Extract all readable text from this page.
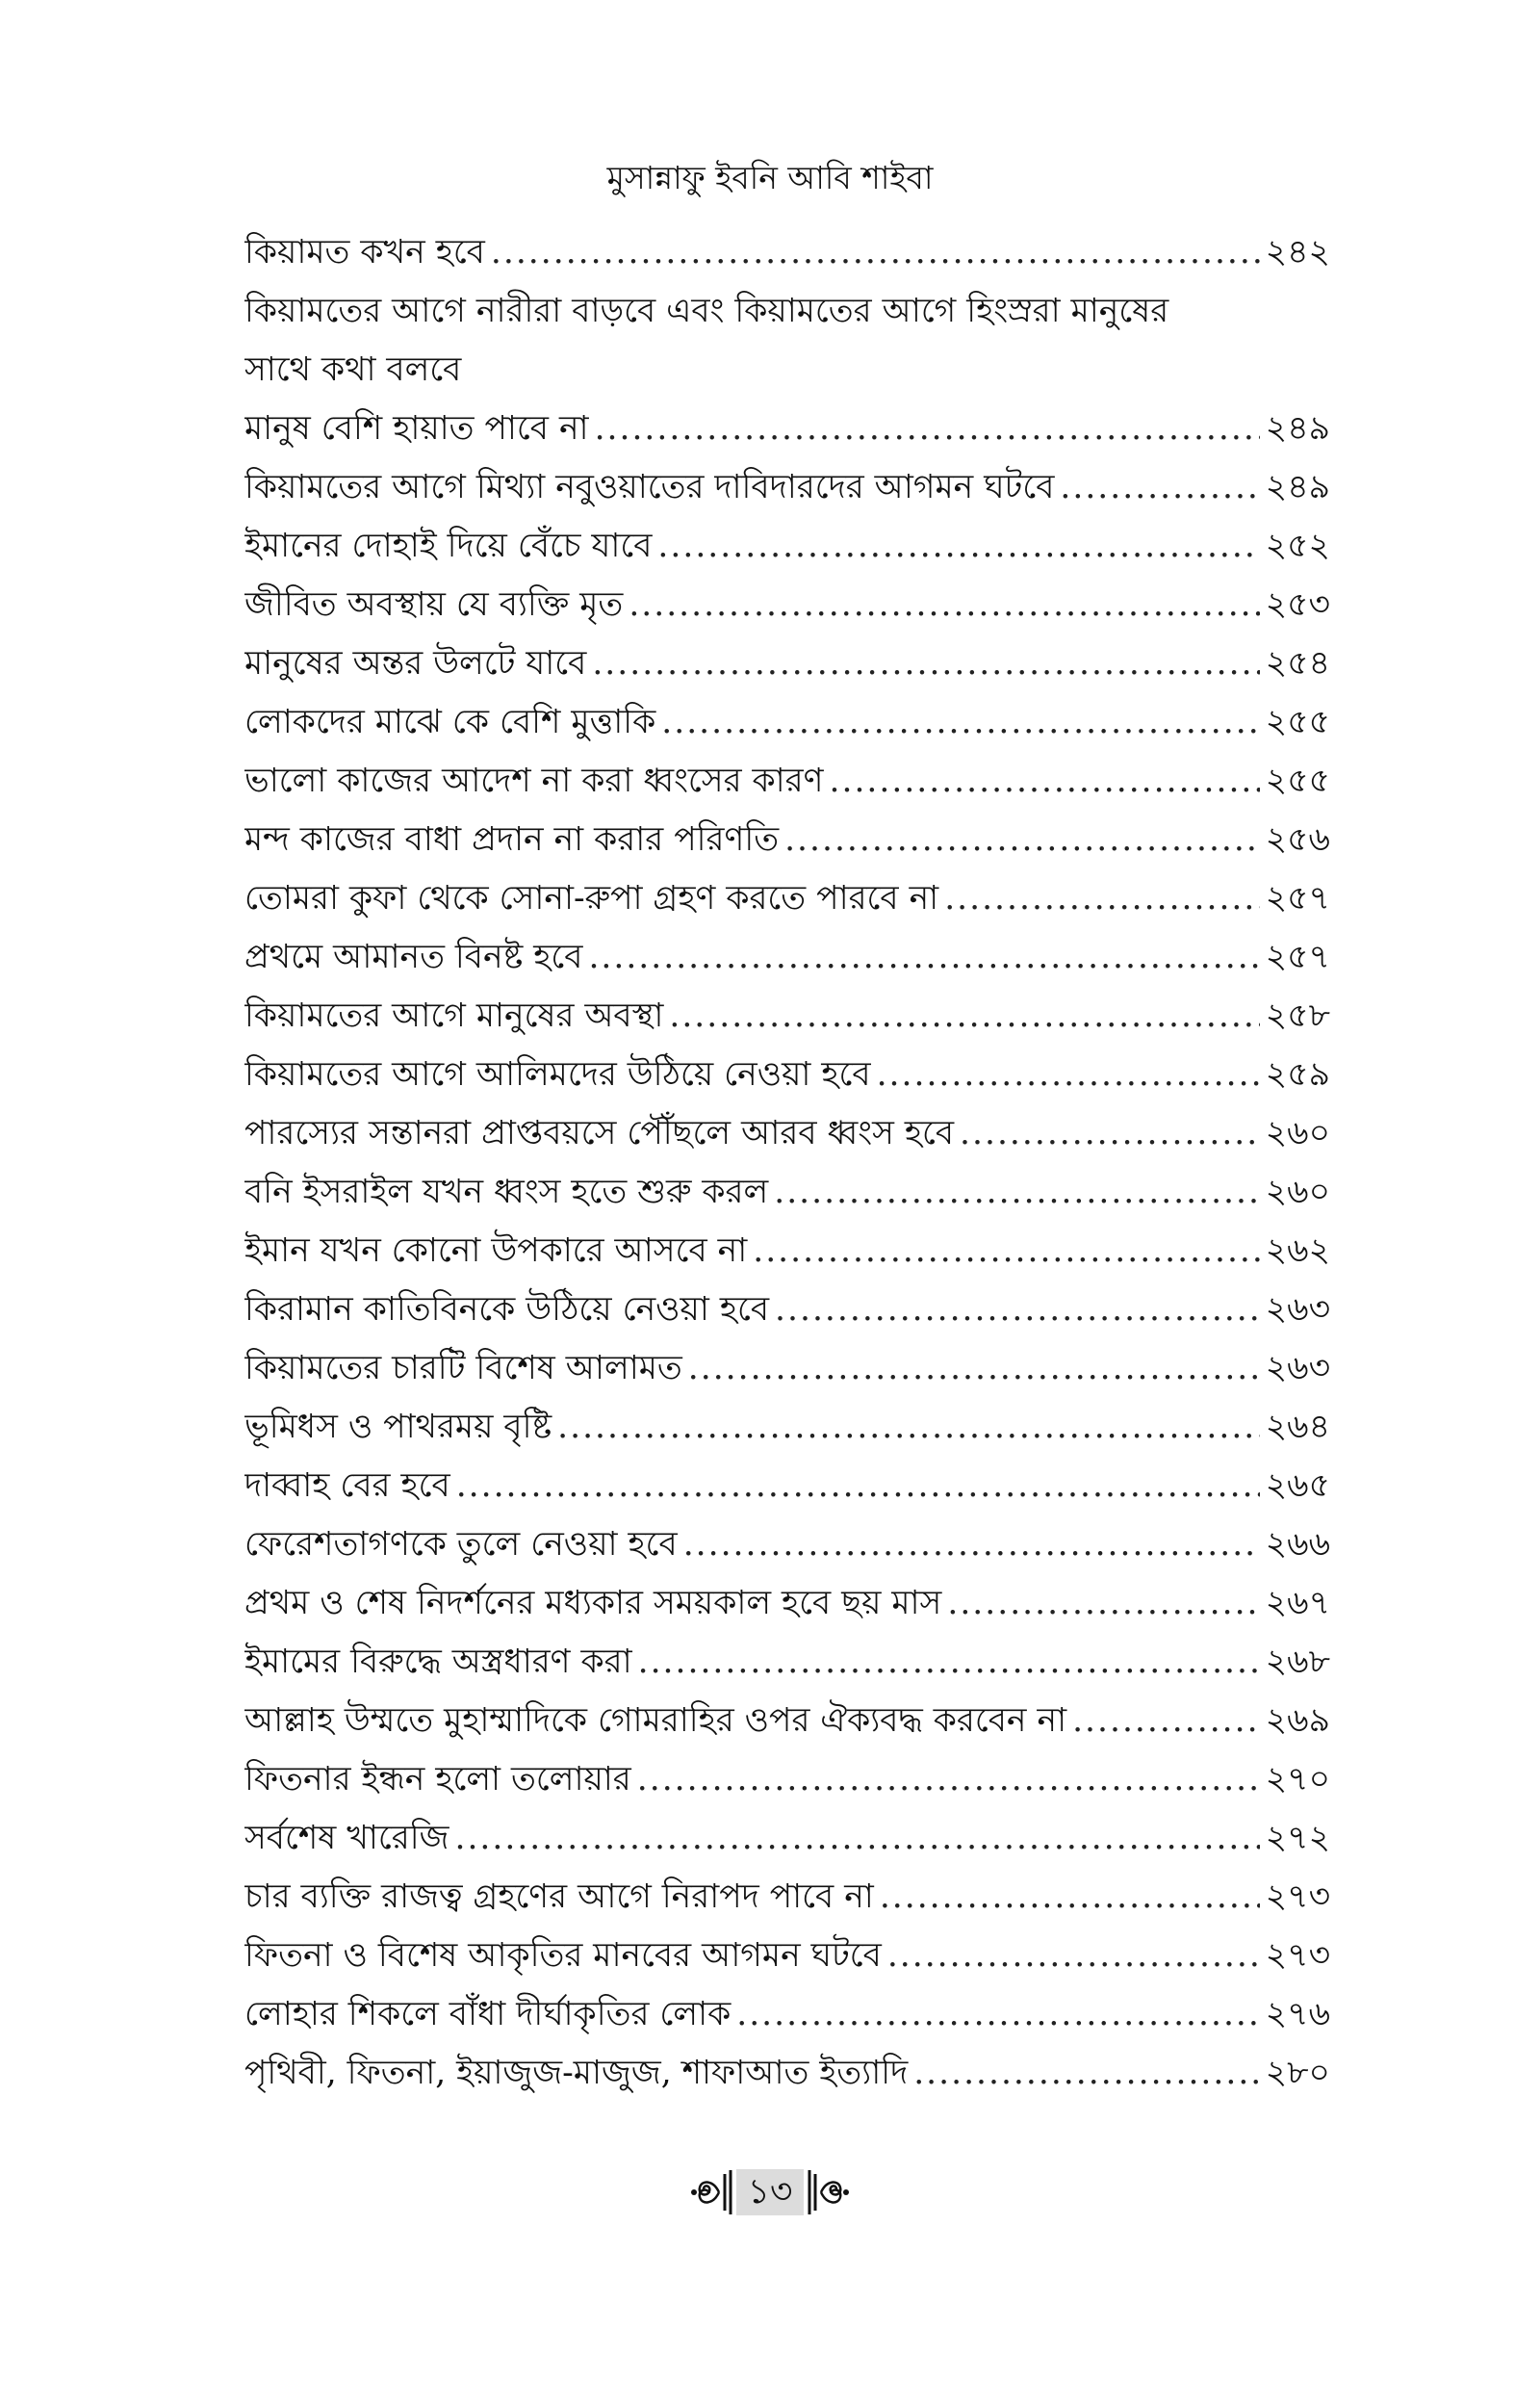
মুসান্নাফু ইবনি আবি শাইবা
কিয়ামত কখন হবে .....	২৪২
কিয়ামতের আগে নারীরা বাড়বে এবং কিয়ামতের আগে হিংস্ররা মানুষের
সাথে কথা বলবে
মানুষ বেশি হায়াত পাবে না .....	২৪৯
কিয়ামতের আগে মিথ্যা নবুওয়াতের দাবিদারদের আগমন ঘটবে .....	২৪৯
ইমানের দোহাই দিয়ে বেঁচে যাবে .....	২৫২
জীবিত অবস্থায় যে ব্যক্তি মৃত .....	২৫৩
মানুষের অন্তর উলটে যাবে .....	২৫৪
লোকদের মাঝে কে বেশি মুত্তাকি .....	২৫৫
ভালো কাজের আদেশ না করা ধ্বংসের কারণ .....	২৫৫
মন্দ কাজের বাধা প্রদান না করার পরিণতি .....	২৫৬
তোমরা কুফা থেকে সোনা-রুপা গ্রহণ করতে পারবে না .....	২৫৭
প্রথমে আমানত বিনষ্ট হবে .....	২৫৭
কিয়ামতের আগে মানুষের অবস্থা .....	২৫৮
কিয়ামতের আগে আলিমদের উঠিয়ে নেওয়া হবে .....	২৫৯
পারস্যের সন্তানরা প্রাপ্তবয়সে পৌঁছলে আরব ধ্বংস হবে .....	২৬০
বনি ইসরাইল যখন ধ্বংস হতে শুরু করল .....	২৬০
ইমান যখন কোনো উপকারে আসবে না .....	২৬২
কিরামান কাতিবিনকে উঠিয়ে নেওয়া হবে .....	২৬৩
কিয়ামতের চারটি বিশেষ আলামত .....	২৬৩
ভূমিধস ও পাথরময় বৃষ্টি .....	২৬৪
দাব্বাহ বের হবে .....	২৬৫
ফেরেশতাগণকে তুলে নেওয়া হবে .....	২৬৬
প্রথম ও শেষ নিদর্শনের মধ্যকার সময়কাল হবে ছয় মাস .....	২৬৭
ইমামের বিরুদ্ধে অস্ত্রধারণ করা .....	২৬৮
আল্লাহ উম্মতে মুহাম্মাদিকে গোমরাহির ওপর ঐক্যবদ্ধ করবেন না .....	২৬৯
ফিতনার ইন্ধন হলো তলোয়ার .....	২৭০
সর্বশেষ খারেজি .....	২৭২
চার ব্যক্তি রাজত্ব গ্রহণের আগে নিরাপদ পাবে না .....	২৭৩
ফিতনা ও বিশেষ আকৃতির মানবের আগমন ঘটবে .....	২৭৩
লোহার শিকলে বাঁধা দীর্ঘাকৃতির লোক .....	২৭৬
পৃথিবী, ফিতনা, ইয়াজুজ-মাজুজ, শাফাআত ইত্যাদি .....	২৮০
১৩
